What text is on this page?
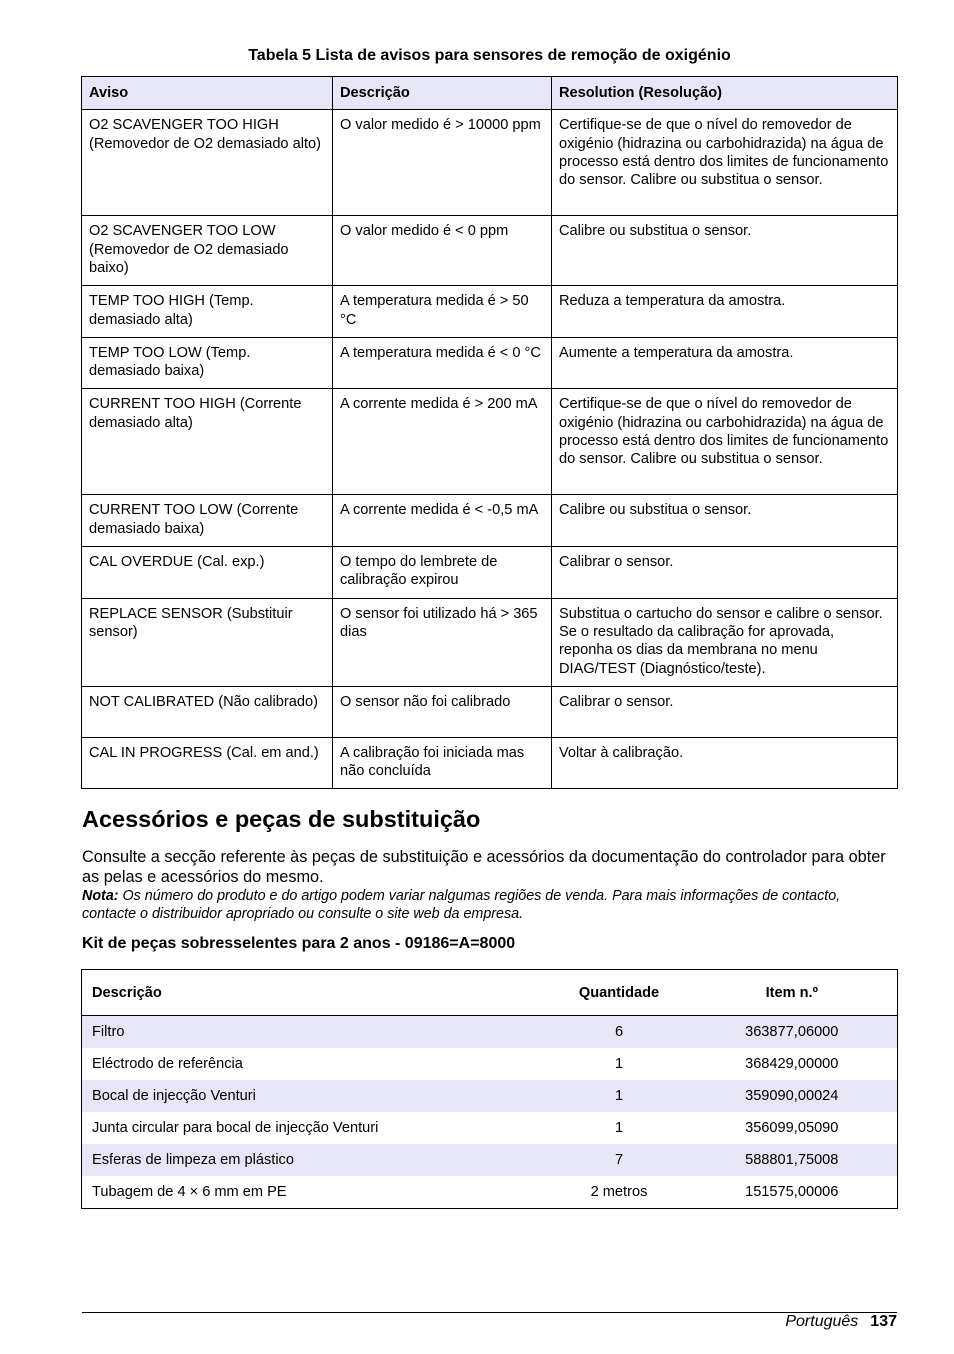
Tabela 5 Lista de avisos para sensores de remoção de oxigénio
Aviso	Descrição	Resolution (Resolução)
O2 SCAVENGER TOO HIGH (Removedor de O2 demasiado alto)	O valor medido é > 10000 ppm	Certifique-se de que o nível do removedor de oxigénio (hidrazina ou carbohidrazida) na água de processo está dentro dos limites de funcionamento do sensor. Calibre ou substitua o sensor.
O2 SCAVENGER TOO LOW (Removedor de O2 demasiado baixo)	O valor medido é < 0 ppm	Calibre ou substitua o sensor.
TEMP TOO HIGH (Temp. demasiado alta)	A temperatura medida é > 50 °C	Reduza a temperatura da amostra.
TEMP TOO LOW (Temp. demasiado baixa)	A temperatura medida é < 0 °C	Aumente a temperatura da amostra.
CURRENT TOO HIGH (Corrente demasiado alta)	A corrente medida é > 200 mA	Certifique-se de que o nível do removedor de oxigénio (hidrazina ou carbohidrazida) na água de processo está dentro dos limites de funcionamento do sensor. Calibre ou substitua o sensor.
CURRENT TOO LOW (Corrente demasiado baixa)	A corrente medida é < -0,5 mA	Calibre ou substitua o sensor.
CAL OVERDUE (Cal. exp.)	O tempo do lembrete de calibração expirou	Calibrar o sensor.
REPLACE SENSOR (Substituir sensor)	O sensor foi utilizado há > 365 dias	Substitua o cartucho do sensor e calibre o sensor. Se o resultado da calibração for aprovada, reponha os dias da membrana no menu DIAG/TEST (Diagnóstico/teste).
NOT CALIBRATED (Não calibrado)	O sensor não foi calibrado	Calibrar o sensor.
CAL IN PROGRESS (Cal. em and.)	A calibração foi iniciada mas não concluída	Voltar à calibração.
Acessórios e peças de substituição

Consulte a secção referente às peças de substituição e acessórios da documentação do controlador para obter as pelas e acessórios do mesmo.

Nota: Os número do produto e do artigo podem variar nalgumas regiões de venda. Para mais informações de contacto, contacte o distribuidor apropriado ou consulte o site web da empresa.

Kit de peças sobresselentes para 2 anos - 09186=A=8000

Descrição	Quantidade	Item n.º
Filtro	6	363877,06000
Eléctrodo de referência	1	368429,00000
Bocal de injecção Venturi	1	359090,00024
Junta circular para bocal de injecção Venturi	1	356099,05090
Esferas de limpeza em plástico	7	588801,75008
Tubagem de 4 × 6 mm em PE	2 metros	151575,00006
Português 137
